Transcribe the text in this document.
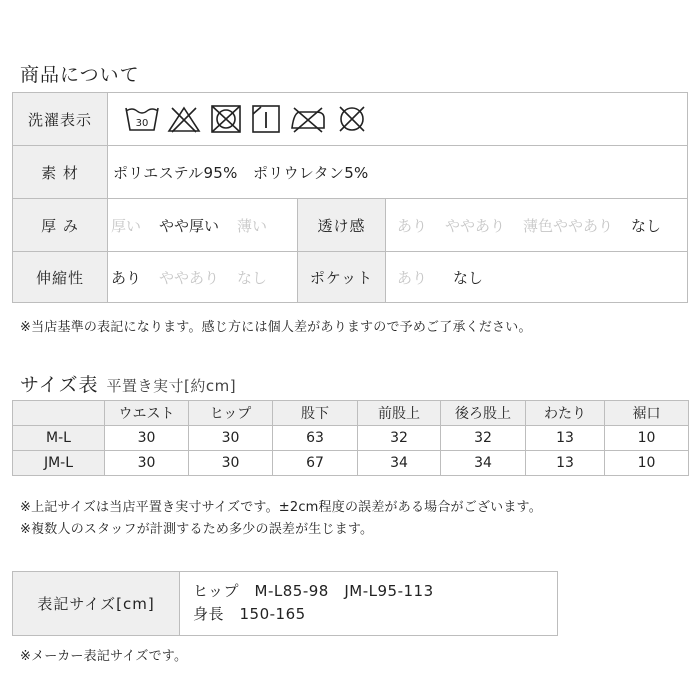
商品について
洗濯表示	30
素 材	ポリエステル95%　ポリウレタン5%
厚 み	厚い やや厚い 薄い	透け感	あり ややあり 薄色ややあり なし
伸縮性	あり ややあり なし	ポケット	あり なし
※当店基準の表記になります。感じ方には個人差がありますので予めご了承ください。
サイズ表 平置き実寸[約cm]
	ウエスト	ヒップ	股下	前股上	後ろ股上	わたり	裾口
M-L	30	30	63	32	32	13	10
JM-L	30	30	67	34	34	13	10
※上記サイズは当店平置き実寸サイズです。±2cm程度の誤差がある場合がございます。
※複数人のスタッフが計測するため多少の誤差が生じます。
表記サイズ[cm]
ヒップ　M-L85-98　JM-L95-113
身長　150-165
※メーカー表記サイズです。
